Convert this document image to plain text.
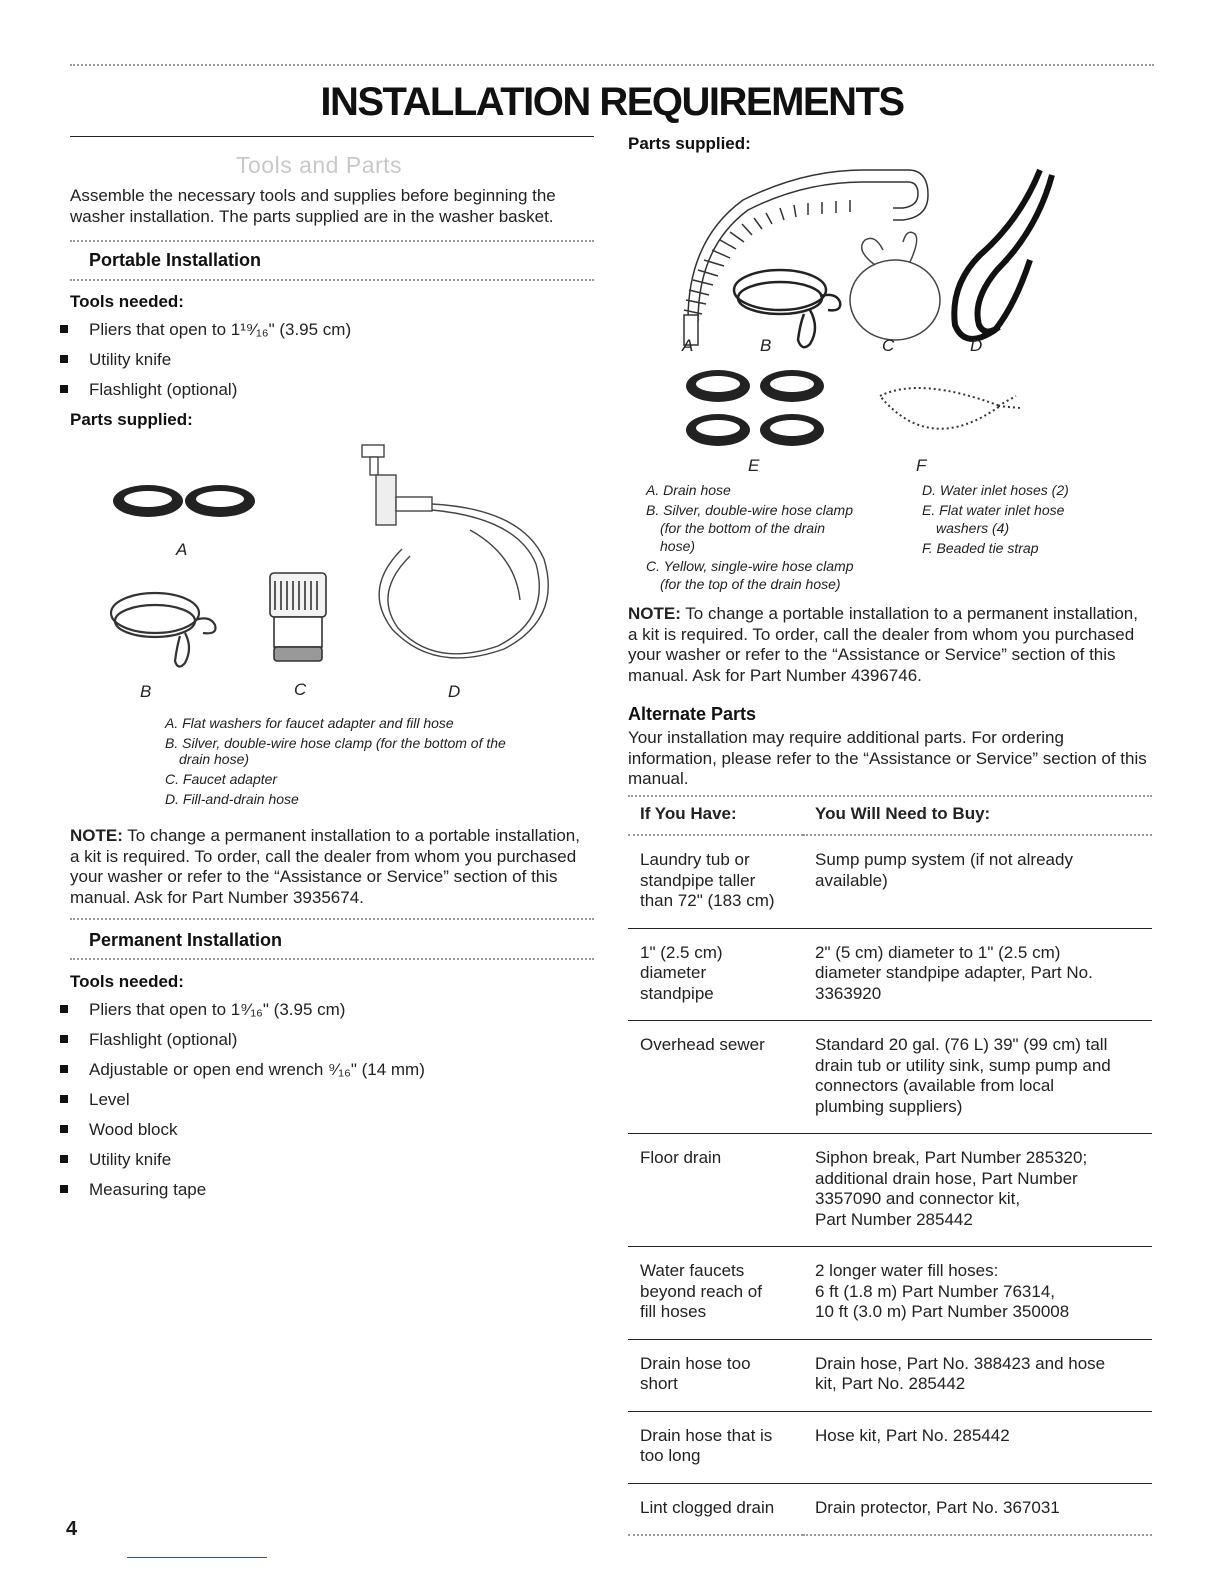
INSTALLATION REQUIREMENTS
Tools and Parts
Assemble the necessary tools and supplies before beginning the washer installation. The parts supplied are in the washer basket.
Portable Installation
Tools needed:
Pliers that open to 1¹⁹⁄₁₆" (3.95 cm)
Utility knife
Flashlight (optional)
Parts supplied:
A
B	C	D
A. Flat washers for faucet adapter and fill hose
B. Silver, double-wire hose clamp (for the bottom of the
drain hose)
C. Faucet adapter
D. Fill-and-drain hose
NOTE: To change a permanent installation to a portable installation, a kit is required. To order, call the dealer from whom you purchased your washer or refer to the “Assistance or Service” section of this manual. Ask for Part Number 3935674.
Permanent Installation
Tools needed:
Pliers that open to 1⁹⁄₁₆" (3.95 cm)
Flashlight (optional)
Adjustable or open end wrench ⁹⁄₁₆" (14 mm)
Level
Wood block
Utility knife
Measuring tape
Parts supplied:
A	B	C	D
E	F
A. Drain hose
B. Silver, double-wire hose clamp
(for the bottom of the drain
hose)
C. Yellow, single-wire hose clamp
(for the top of the drain hose)
D. Water inlet hoses (2)
E. Flat water inlet hose
washers (4)
F. Beaded tie strap
NOTE: To change a portable installation to a permanent installation, a kit is required. To order, call the dealer from whom you purchased your washer or refer to the “Assistance or Service” section of this manual. Ask for Part Number 4396746.
Alternate Parts
Your installation may require additional parts. For ordering information, please refer to the “Assistance or Service” section of this manual.
If You Have:	You Will Need to Buy:
Laundry tub or
standpipe taller
than 72" (183 cm)	Sump pump system (if not already
available)
1" (2.5 cm)
diameter
standpipe	2" (5 cm) diameter to 1" (2.5 cm)
diameter standpipe adapter, Part No.
3363920
Overhead sewer	Standard 20 gal. (76 L) 39" (99 cm) tall
drain tub or utility sink, sump pump and
connectors (available from local
plumbing suppliers)
Floor drain	Siphon break, Part Number 285320;
additional drain hose, Part Number
3357090 and connector kit,
Part Number 285442
Water faucets
beyond reach of
fill hoses	2 longer water fill hoses:
6 ft (1.8 m) Part Number 76314,
10 ft (3.0 m) Part Number 350008
Drain hose too
short	Drain hose, Part No. 388423 and hose
kit, Part No. 285442
Drain hose that is
too long	Hose kit, Part No. 285442
Lint clogged drain	Drain protector, Part No. 367031
4
